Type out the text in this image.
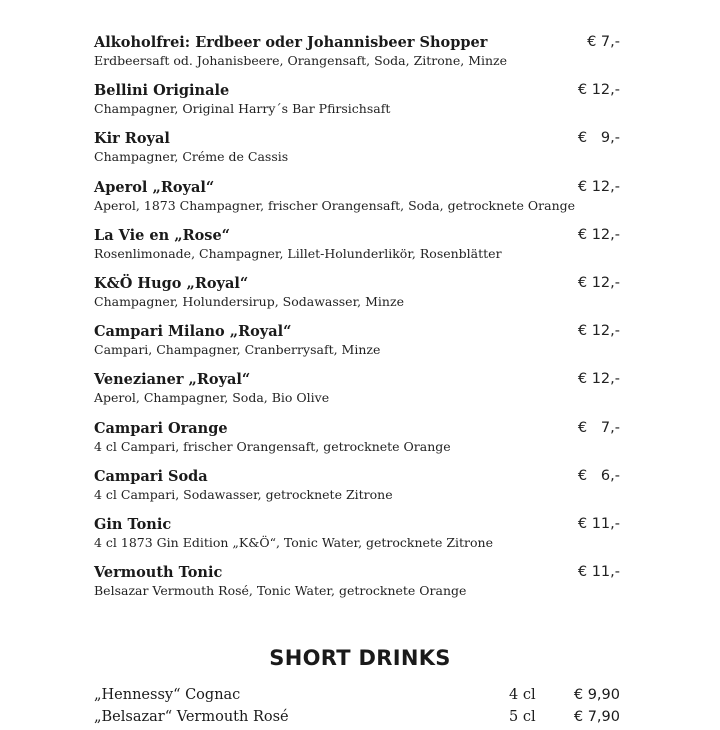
Alkoholfrei: Erdbeer oder Johannisbeer Shopper
Erdbeersaft od. Johanisbeere, Orangensaft, Soda, Zitrone, Minze
€ 7,-
Bellini Originale
Champagner, Original Harry´s Bar Pfirsichsaft
€ 12,-
Kir Royal
Champagner, Créme de Cassis
€   9,-
Aperol „Royal“
Aperol, 1873 Champagner, frischer Orangensaft, Soda, getrocknete Orange
€ 12,-
La Vie en „Rose“
Rosenlimonade, Champagner, Lillet-Holunderlikör, Rosenblätter
€ 12,-
K&Ö Hugo „Royal“
Champagner, Holundersirup, Sodawasser, Minze
€ 12,-
Campari Milano „Royal“
Campari, Champagner, Cranberrysaft, Minze
€ 12,-
Venezianer „Royal“
Aperol, Champagner, Soda, Bio Olive
€ 12,-
Campari Orange
4 cl Campari, frischer Orangensaft, getrocknete Orange
€   7,-
Campari Soda
4 cl Campari, Sodawasser, getrocknete Zitrone
€   6,-
Gin Tonic
4 cl 1873 Gin Edition „K&Ö“, Tonic Water, getrocknete Zitrone
€ 11,-
Vermouth Tonic
Belsazar Vermouth Rosé, Tonic Water, getrocknete Orange
€ 11,-
SHORT DRINKS
„Hennessy“ Cognac	4 cl	€ 9,90
„Belsazar“ Vermouth Rosé	5 cl	€ 7,90
